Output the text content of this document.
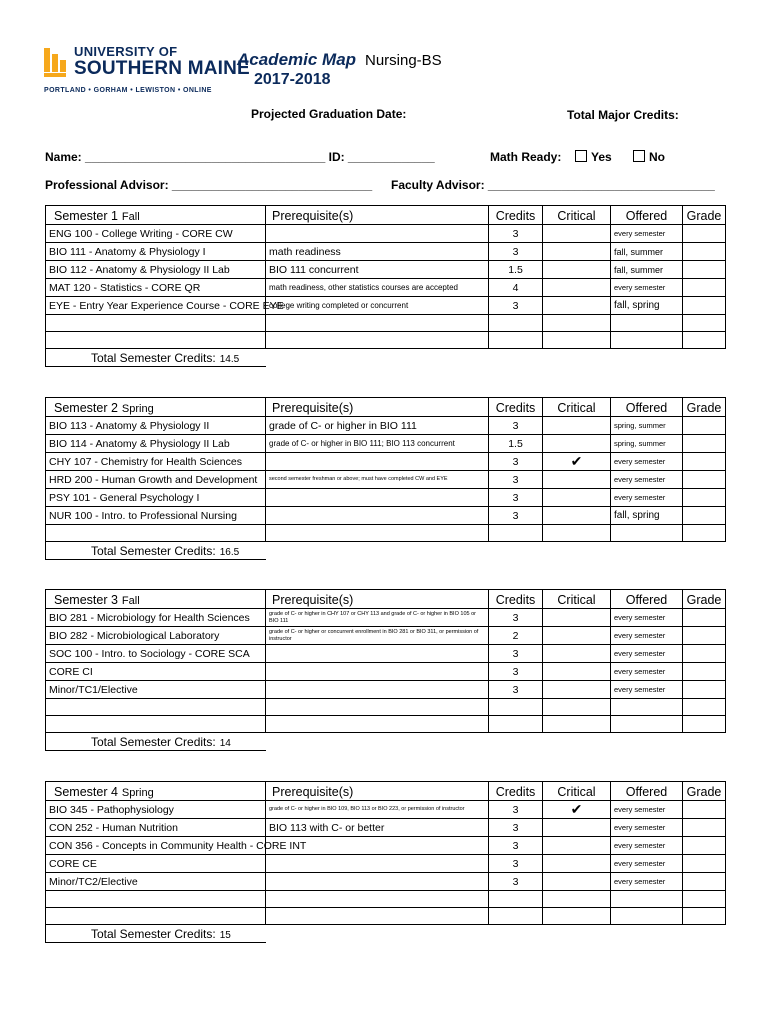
UNIVERSITY OF
SOUTHERN MAINE
PORTLAND • GORHAM • LEWISTON • ONLINE
Academic Map
2017-2018
Nursing-BS
Projected Graduation Date:	Total Major Credits:
Name: ____________________________________ ID: _____________	Math Ready:	Yes	No
Professional Advisor: ______________________________ Faculty Advisor: __________________________________
Semester 1 Fall	Prerequisite(s)	Credits	Critical	Offered	Grade
ENG 100 - College Writing - CORE CW		3		every semester	
BIO 111 - Anatomy & Physiology I	math readiness	3		fall, summer	
BIO 112 - Anatomy & Physiology II Lab	BIO 111 concurrent	1.5		fall, summer	
MAT 120 - Statistics - CORE QR	math readiness, other statistics courses are accepted	4		every semester	
EYE - Entry Year Experience Course - CORE EYE	college writing completed or concurrent	3		fall, spring	

Total Semester Credits: 14.5					
Semester 2 Spring	Prerequisite(s)	Credits	Critical	Offered	Grade
BIO 113 - Anatomy & Physiology II	grade of C- or higher in BIO 111	3		spring, summer	
BIO 114 - Anatomy & Physiology II Lab	grade of C- or higher in BIO 111; BIO 113 concurrent	1.5		spring, summer	
CHY 107 - Chemistry for Health Sciences		3	✔	every semester	
HRD 200 - Human Growth and Development	second semester freshman or above; must have completed CW and EYE	3		every semester	
PSY 101 - General Psychology I		3		every semester	
NUR 100 - Intro. to Professional Nursing		3		fall, spring	

Total Semester Credits: 16.5					
Semester 3 Fall	Prerequisite(s)	Credits	Critical	Offered	Grade
BIO 281 - Microbiology for Health Sciences	grade of C- or higher in CHY 107 or CHY 113 and grade of C- or higher in BIO 105 or BIO 111	3		every semester	
BIO 282 - Microbiological Laboratory	grade of C- or higher or concurrent enrollment in BIO 281 or BIO 311, or permission of instructor	2		every semester	
SOC 100 - Intro. to Sociology - CORE SCA		3		every semester	
CORE CI		3		every semester	
Minor/TC1/Elective		3		every semester	

Total Semester Credits: 14					
Semester 4 Spring	Prerequisite(s)	Credits	Critical	Offered	Grade
BIO 345 - Pathophysiology	grade of C- or higher in BIO 109, BIO 113 or BIO 223, or permission of instructor	3	✔	every semester	
CON 252 - Human Nutrition	BIO 113 with C- or better	3		every semester	
CON 356 - Concepts in Community Health - CORE INT		3		every semester	
CORE CE		3		every semester	
Minor/TC2/Elective		3		every semester	

Total Semester Credits: 15					
